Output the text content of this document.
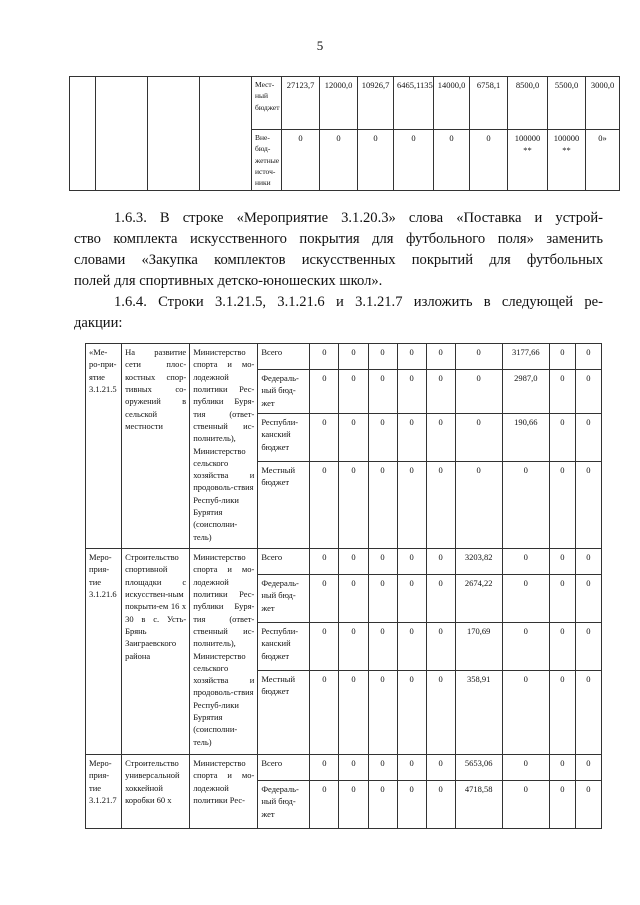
5
				Мест-ный бюджет	27123,7	12000,0	10926,7	6465,1135	14000,0	6758,1	8500,0	5500,0	3000,0
				Вне-бюд-жетные источ-ники	0	0	0	0	0	0	100000 **	100000 **	0»
1.6.3. В строке «Мероприятие 3.1.20.3» слова «Поставка и устрой-
ство комплекта искусственного покрытия для футбольного поля» заменить
словами «Закупка комплектов искусственных покрытий для футбольных
полей для спортивных детско-юношеских школ».
1.6.4. Строки 3.1.21.5, 3.1.21.6 и 3.1.21.7 изложить в следующей ре-
дакции:
«Ме-ро-при-ятие 3.1.21.5	На развитие сети плос-костных спор-тивных со-оружений в сельской местности	Министерство спорта и мо-лодежной политики Рес-публики Буря-тия (ответ-ственный ис-полнитель), Министерство сельского хозяйства и продоволь-ствия Респуб-лики Бурятия (соисполни-тель)	Всего	0	0	0	0	0	0	3177,66	0	0
			Федераль-ный бюд-жет	0	0	0	0	0	0	2987,0	0	0
			Республи-канский бюджет	0	0	0	0	0	0	190,66	0	0
			Местный бюджет	0	0	0	0	0	0	0	0	0
Меро-прия-тие 3.1.21.6	Строительство спортивной площадки с искусствен-ным покрыти-ем 16 х 30 в с. Усть-Брянь Заиграевского района	Министерство спорта и мо-лодежной политики Рес-публики Буря-тия (ответ-ственный ис-полнитель), Министерство сельского хозяйства и продоволь-ствия Респуб-лики Бурятия (соисполни-тель)	Всего	0	0	0	0	0	3203,82	0	0	0
			Федераль-ный бюд-жет	0	0	0	0	0	2674,22	0	0	0
			Республи-канский бюджет	0	0	0	0	0	170,69	0	0	0
			Местный бюджет	0	0	0	0	0	358,91	0	0	0
Меро-прия-тие 3.1.21.7	Строительство универсальной хоккейной коробки 60 х	Министерство спорта и мо-лодежной политики Рес-	Всего	0	0	0	0	0	5653,06	0	0	0
			Федераль-ный бюд-жет	0	0	0	0	0	4718,58	0	0	0
